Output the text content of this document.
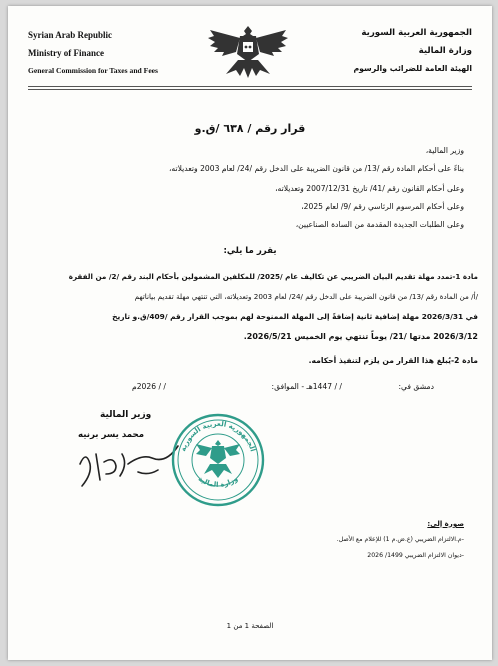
Syrian Arab Republic
Ministry of Finance
General Commission for Taxes and Fees
الجمهورية العربية السورية
وزارة المالية
الهيئة العامة للضرائب والرسوم
قرار رقم / ٦٣٨ /ق.و
وزير المالية،
بناءً على أحكام المادة رقم /13/ من قانون الضريبة على الدخل رقم /24/ لعام 2003 وتعديلاته،
وعلى أحكام القانون رقم /41/ تاريخ 2007/12/31 وتعديلاته،
وعلى أحكام المرسوم الرئاسي رقم /9/ لعام 2025،
وعلى الطلبات الجديدة المقدمة من السادة الصناعيين،
يقرر ما يلي:
مادة 1-تمدد مهلة تقديم البيان الضريبي عن تكاليف عام /2025/ للمكلفين المشمولين بأحكام البند رقم /2/ من الفقرة
/أ/ من المادة رقم /13/ من قانون الضريبة على الدخل رقم /24/ لعام 2003 وتعديلاته، التي تنتهي مهلة تقديم بياناتهم
في 2026/3/31 مهلة إضافية ثانية إضافةً إلى المهلة الممنوحة لهم بموجب القرار رقم /409/ق.و تاريخ
2026/3/12 مدتها /21/ يوماً تنتهي يوم الخميس 2026/5/21.
مادة 2-يُبلغ هذا القرار من يلزم لتنفيذ أحكامه.
دمشق في:
/ / 1447هـ - الموافق:
/ / 2026م
وزير المالية
محمد يسر برنيه
الجمهورية العربية السورية
وزارة المالية
صورة إلى:
-م.الالتزام الضريبي (ع.ض.م 1) للإعلام مع الأصل.
-ديوان الالتزام الضريبي 1499/ 2026
الصفحة 1 من 1
